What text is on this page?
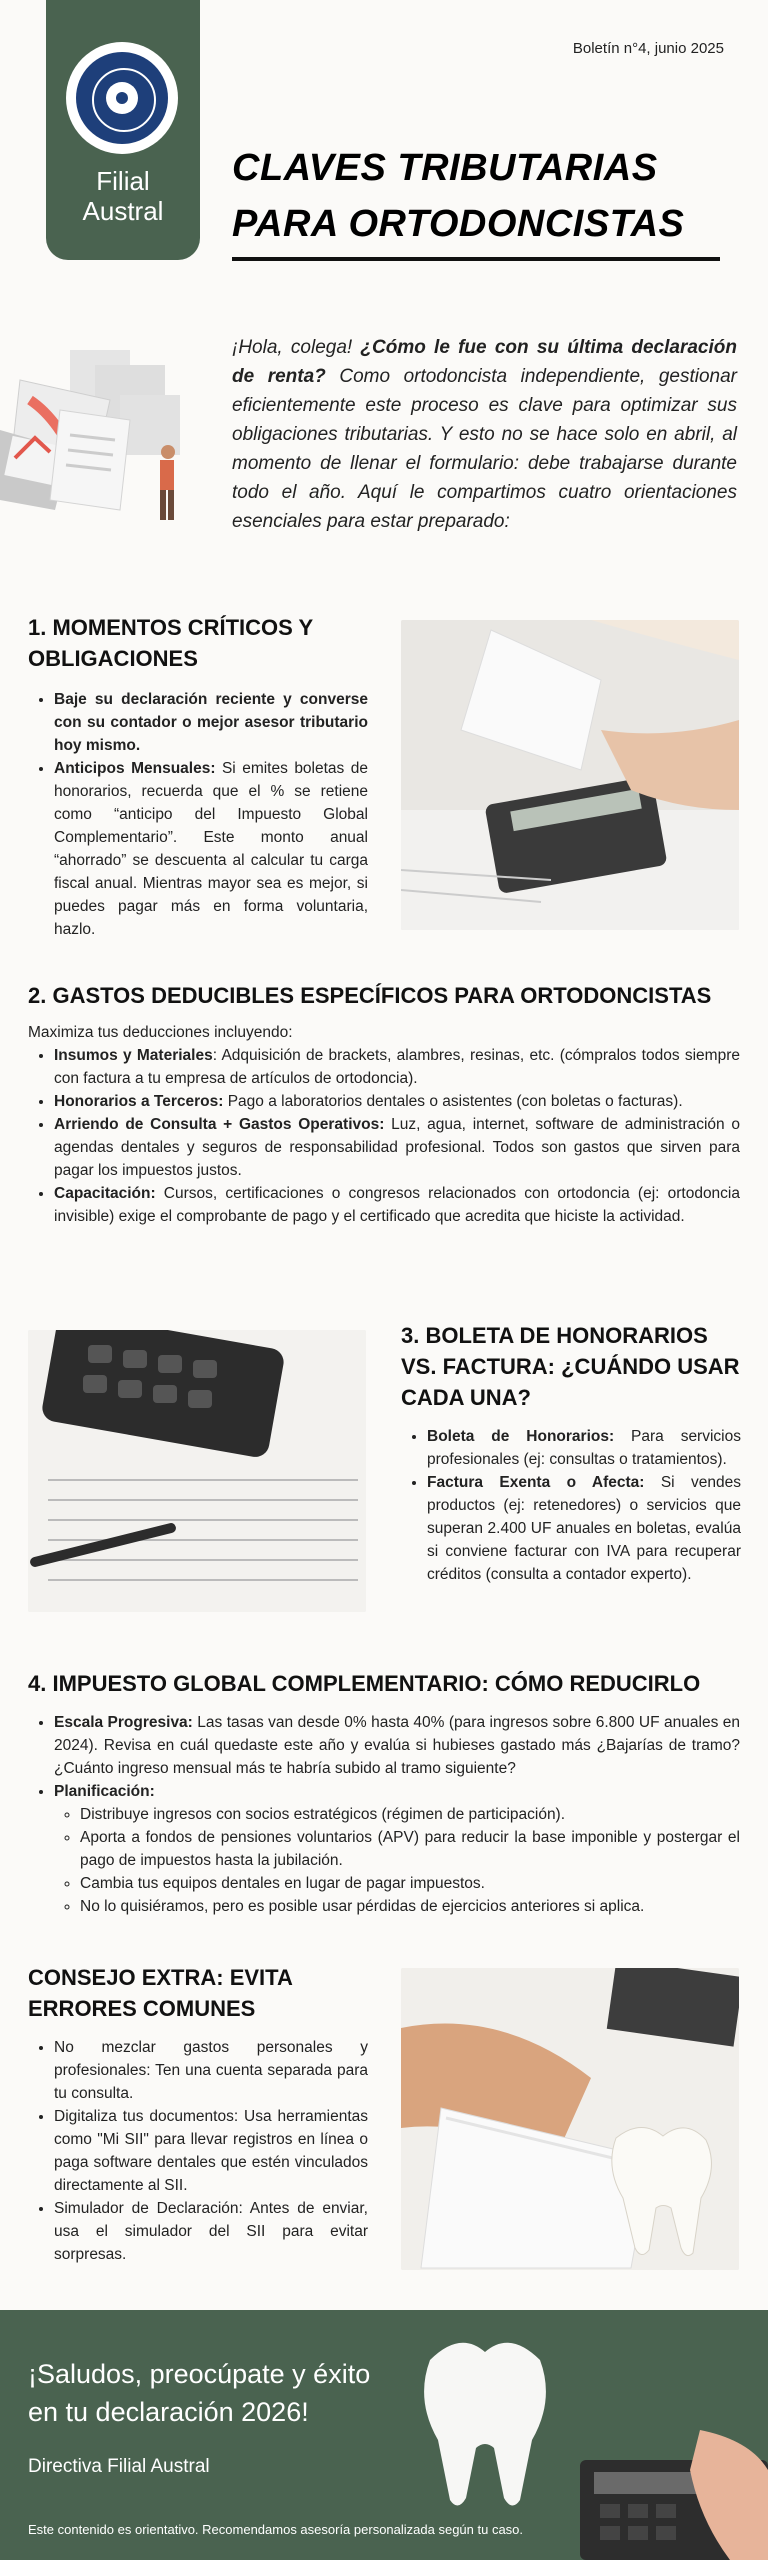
Filial
Austral
Boletín n°4, junio 2025
CLAVES TRIBUTARIAS
PARA ORTODONCISTAS
¡Hola, colega! ¿Cómo le fue con su última declaración de renta? Como ortodoncista independiente, gestionar eficientemente este proceso es clave para optimizar sus obligaciones tributarias. Y esto no se hace solo en abril, al momento de llenar el formulario: debe trabajarse durante todo el año. Aquí le compartimos cuatro orientaciones esenciales para estar preparado:
1. MOMENTOS CRÍTICOS Y OBLIGACIONES
• Baje su declaración reciente y converse con su contador o mejor asesor tributario hoy mismo.
• Anticipos Mensuales: Si emites boletas de honorarios, recuerda que el % se retiene como “anticipo del Impuesto Global Complementario”. Este monto anual “ahorrado” se descuenta al calcular tu carga fiscal anual. Mientras mayor sea es mejor, si puedes pagar más en forma voluntaria, hazlo.
2. GASTOS DEDUCIBLES ESPECÍFICOS PARA ORTODONCISTAS
Maximiza tus deducciones incluyendo:
• Insumos y Materiales: Adquisición de brackets, alambres, resinas, etc. (cómpralos todos siempre con factura a tu empresa de artículos de ortodoncia).
• Honorarios a Terceros: Pago a laboratorios dentales o asistentes (con boletas o facturas).
• Arriendo de Consulta + Gastos Operativos: Luz, agua, internet, software de administración o agendas dentales y seguros de responsabilidad profesional. Todos son gastos que sirven para pagar los impuestos justos.
• Capacitación: Cursos, certificaciones o congresos relacionados con ortodoncia (ej: ortodoncia invisible) exige el comprobante de pago y el certificado que acredita que hiciste la actividad.
3. BOLETA DE HONORARIOS VS. FACTURA: ¿CUÁNDO USAR CADA UNA?
• Boleta de Honorarios: Para servicios profesionales (ej: consultas o tratamientos).
• Factura Exenta o Afecta: Si vendes productos (ej: retenedores) o servicios que superan 2.400 UF anuales en boletas, evalúa si conviene facturar con IVA para recuperar créditos (consulta a contador experto).
4. IMPUESTO GLOBAL COMPLEMENTARIO: CÓMO REDUCIRLO
• Escala Progresiva: Las tasas van desde 0% hasta 40% (para ingresos sobre 6.800 UF anuales en 2024). Revisa en cuál quedaste este año y evalúa si hubieses gastado más ¿Bajarías de tramo? ¿Cuánto ingreso mensual más te habría subido al tramo siguiente?
• Planificación:
◦ Distribuye ingresos con socios estratégicos (régimen de participación).
◦ Aporta a fondos de pensiones voluntarios (APV) para reducir la base imponible y postergar el pago de impuestos hasta la jubilación.
◦ Cambia tus equipos dentales en lugar de pagar impuestos.
◦ No lo quisiéramos, pero es posible usar pérdidas de ejercicios anteriores si aplica.
CONSEJO EXTRA: EVITA ERRORES COMUNES
• No mezclar gastos personales y profesionales: Ten una cuenta separada para tu consulta.
• Digitaliza tus documentos: Usa herramientas como "Mi SII" para llevar registros en línea o paga software dentales que estén vinculados directamente al SII.
• Simulador de Declaración: Antes de enviar, usa el simulador del SII para evitar sorpresas.
¡Saludos, preocúpate y éxito
en tu declaración 2026!
Directiva Filial Austral
Este contenido es orientativo. Recomendamos asesoría personalizada según tu caso.
